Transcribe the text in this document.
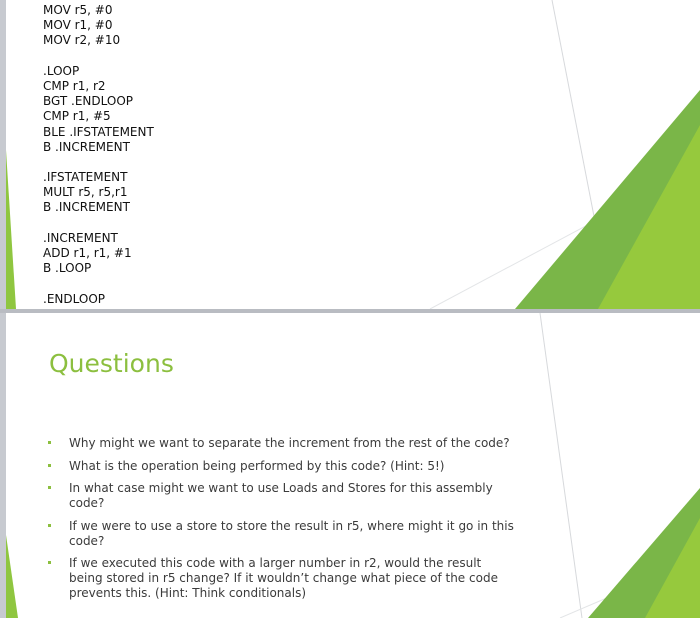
MOV r5, #0
MOV r1, #0
MOV r2, #10
.LOOP
CMP r1, r2
BGT .ENDLOOP
CMP r1, #5
BLE .IFSTATEMENT
B .INCREMENT
.IFSTATEMENT
MULT r5, r5,r1
B .INCREMENT
.INCREMENT
ADD r1, r1, #1
B .LOOP
.ENDLOOP
Questions
Why might we want to separate the increment from the rest of the code?
What is the operation being performed by this code? (Hint: 5!)
In what case might we want to use Loads and Stores for this assembly code?
If we were to use a store to store the result in r5, where might it go in this code?
If we executed this code with a larger number in r2, would the result being stored in r5 change? If it wouldn’t change what piece of the code prevents this. (Hint: Think conditionals)
